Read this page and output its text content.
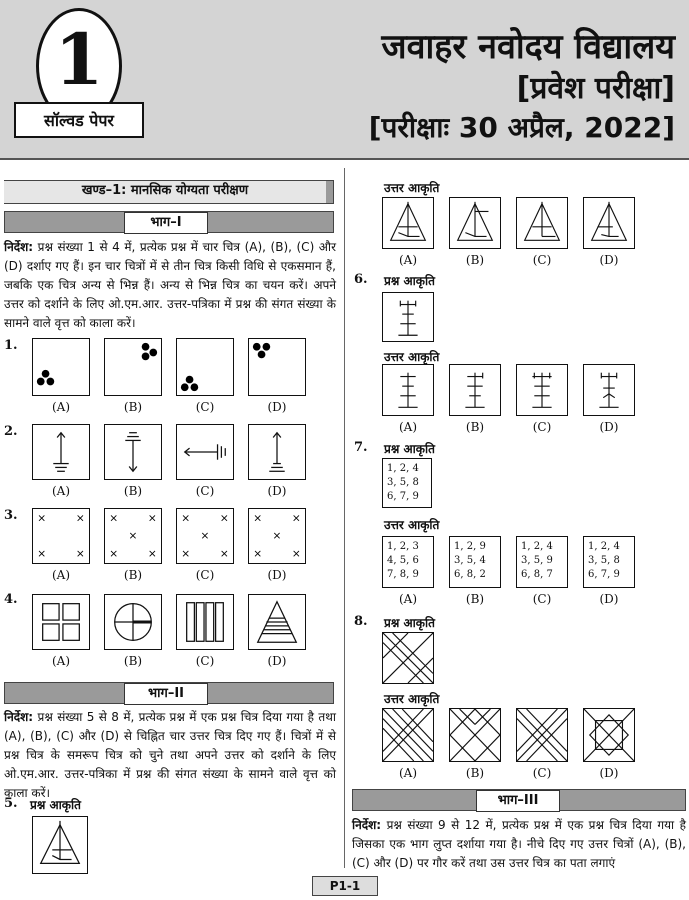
1
सॉल्वड पेपर
जवाहर नवोदय विद्यालय
[प्रवेश परीक्षा]
[परीक्षाः 30 अप्रैल, 2022]
खण्ड–1: मानसिक योग्यता परीक्षण
भाग–I
निर्देश: प्रश्न संख्या 1 से 4 में, प्रत्येक प्रश्न में चार चित्र (A), (B), (C) और (D) दर्शाए गए हैं। इन चार चित्रों में से तीन चित्र किसी विधि से एकसमान हैं, जबकि एक चित्र अन्य से भिन्न हैं। अन्य से भिन्न चित्र का चयन करें। अपने उत्तर को दर्शाने के लिए ओ.एम.आर. उत्तर-पत्रिका में प्रश्न की संगत संख्या के सामने वाले वृत्त को काला करें।
1.
(A)	(B)	(C)	(D)
2.
(A)	(B)	(C)	(D)
3. ×	×
×	×
×	×
×
×	×
×	×
×
×	×
×	×
×
×	×
(A)	(B)	(C)	(D)
4.
(A)	(B)	(C)	(D)
भाग–II
निर्देश: प्रश्न संख्या 5 से 8 में, प्रत्येक प्रश्न में एक प्रश्न चित्र दिया गया है तथा (A), (B), (C) और (D) से चिह्नित चार उत्तर चित्र दिए गए हैं। चित्रों में से प्रश्न चित्र के समरूप चित्र को चुने तथा अपने उत्तर को दर्शाने के लिए ओ.एम.आर. उत्तर-पत्रिका में प्रश्न की संगत संख्या के सामने वाले वृत्त को काला करें।
5. प्रश्न आकृति
उत्तर आकृति
(A)	(B)	(C)	(D)
6. प्रश्न आकृति
उत्तर आकृति
(A)	(B)	(C)	(D)
7. प्रश्न आकृति
1, 2, 4
3, 5, 8
6, 7, 9
उत्तर आकृति
1, 2, 3
4, 5, 6
7, 8, 9
1, 2, 9
3, 5, 4
6, 8, 2
1, 2, 4
3, 5, 9
6, 8, 7
1, 2, 4
3, 5, 8
6, 7, 9
(A)	(B)	(C)	(D)
8. प्रश्न आकृति
उत्तर आकृति
(A)	(B)	(C)	(D)
भाग–III
निर्देश: प्रश्न संख्या 9 से 12 में, प्रत्येक प्रश्न में एक प्रश्न चित्र दिया गया है जिसका एक भाग लुप्त दर्शाया गया है। नीचे दिए गए उत्तर चित्रों (A), (B), (C) और (D) पर गौर करें तथा उस उत्तर चित्र का पता लगाएं
P1-1
